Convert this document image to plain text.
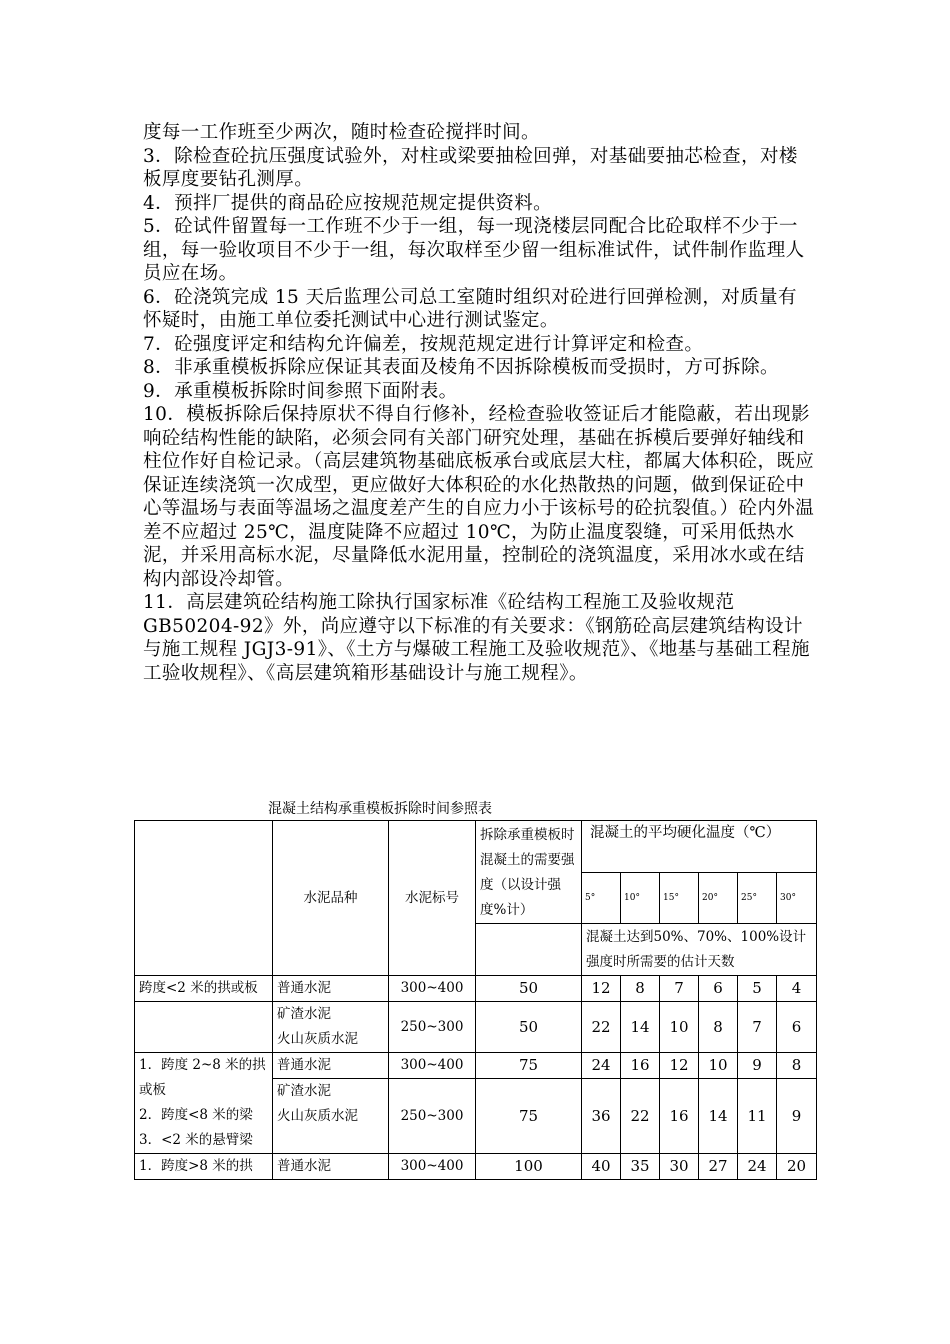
度每一工作班至少两次，随时检查砼搅拌时间。

3．除检查砼抗压强度试验外，对柱或梁要抽检回弹，对基础要抽芯检查，对楼板厚度要钻孔测厚。

4．预拌厂提供的商品砼应按规范规定提供资料。

5．砼试件留置每一工作班不少于一组，每一现浇楼层同配合比砼取样不少于一组，每一验收项目不少于一组，每次取样至少留一组标准试件，试件制作监理人员应在场。

6．砼浇筑完成 15 天后监理公司总工室随时组织对砼进行回弹检测，对质量有怀疑时，由施工单位委托测试中心进行测试鉴定。

7．砼强度评定和结构允许偏差，按规范规定进行计算评定和检查。

8．非承重模板拆除应保证其表面及棱角不因拆除模板而受损时，方可拆除。

9．承重模板拆除时间参照下面附表。

10．模板拆除后保持原状不得自行修补，经检查验收签证后才能隐蔽，若出现影响砼结构性能的缺陷，必须会同有关部门研究处理，基础在拆模后要弹好轴线和柱位作好自检记录。（高层建筑物基础底板承台或底层大柱，都属大体积砼，既应保证连续浇筑一次成型，更应做好大体积砼的水化热散热的问题，做到保证砼中心等温场与表面等温场之温度差产生的自应力小于该标号的砼抗裂值。）砼内外温差不应超过 25℃，温度陡降不应超过 10℃，为防止温度裂缝，可采用低热水泥，并采用高标水泥，尽量降低水泥用量，控制砼的浇筑温度，采用冰水或在结构内部设冷却管。

11．高层建筑砼结构施工除执行国家标准《砼结构工程施工及验收规范 GB50204-92》外，尚应遵守以下标准的有关要求：《钢筋砼高层建筑结构设计与施工规程 JGJ3-91》、《土方与爆破工程施工及验收规范》、《地基与基础工程施工验收规程》、《高层建筑箱形基础设计与施工规程》。

混凝土结构承重模板拆除时间参照表
	水泥品种	水泥标号	拆除承重模板时混凝土的需要强度（以设计强度%计）	混凝土的平均硬化温度（℃）					
				5°	10°	15°	20°	25°	30°
				混凝土达到50%、70%、100%设计强度时所需要的估计天数					
跨度<2 米的拱或板	普通水泥	300~400	50	12	8	7	6	5	4
	矿渣水泥
火山灰质水泥	250~300	50	22	14	10	8	7	6
1．跨度 2~8 米的拱或板
2．跨度<8 米的梁
3．<2 米的悬臂梁	普通水泥	300~400	75	24	16	12	10	9	8
	矿渣水泥
火山灰质水泥	250~300	75	36	22	16	14	11	9
1．跨度>8 米的拱	普通水泥	300~400	100	40	35	30	27	24	20
